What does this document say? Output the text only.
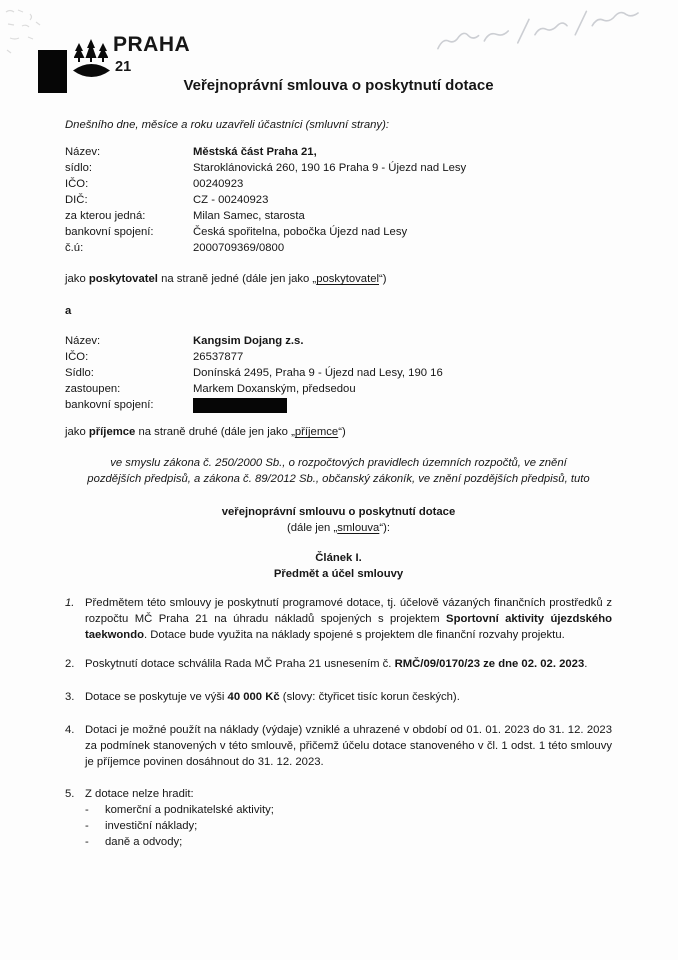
PRAHA
21
Veřejnoprávní smlouva o poskytnutí dotace
Dnešního dne, měsíce a roku uzavřeli účastníci (smluvní strany):
Název:	Městská část Praha 21,
sídlo:	Staroklánovická 260, 190 16 Praha 9 - Újezd nad Lesy
IČO:	00240923
DIČ:	CZ - 00240923
za kterou jedná:	Milan Samec, starosta
bankovní spojení:	Česká spořitelna, pobočka Újezd nad Lesy
č.ú:	2000709369/0800
jako poskytovatel na straně jedné (dále jen jako „poskytovatel“)
a
Název:	Kangsim Dojang z.s.
IČO:	26537877
Sídlo:	Donínská 2495, Praha 9 - Újezd nad Lesy, 190 16
zastoupen:	Markem Doxanským, předsedou
bankovní spojení:
jako příjemce na straně druhé (dále jen jako „příjemce“)
ve smyslu zákona č. 250/2000 Sb., o rozpočtových pravidlech územních rozpočtů, ve znění pozdějších předpisů, a zákona č. 89/2012 Sb., občanský zákoník, ve znění pozdějších předpisů, tuto
veřejnoprávní smlouvu o poskytnutí dotace
(dále jen „smlouva“):
Článek I.
Předmět a účel smlouvy
1. Předmětem této smlouvy je poskytnutí programové dotace, tj. účelově vázaných finančních prostředků z rozpočtu MČ Praha 21 na úhradu nákladů spojených s projektem Sportovní aktivity újezdského taekwondo. Dotace bude využita na náklady spojené s projektem dle finanční rozvahy projektu.
2. Poskytnutí dotace schválila Rada MČ Praha 21 usnesením č. RMČ/09/0170/23 ze dne 02. 02. 2023.
3. Dotace se poskytuje ve výši 40 000 Kč (slovy: čtyřicet tisíc korun českých).
4. Dotaci je možné použít na náklady (výdaje) vzniklé a uhrazené v období od 01. 01. 2023 do 31. 12. 2023 za podmínek stanovených v této smlouvě, přičemž účelu dotace stanoveného v čl. 1 odst. 1 této smlouvy je příjemce povinen dosáhnout do 31. 12. 2023.
5. Z dotace nelze hradit:
-	komerční a podnikatelské aktivity;
-	investiční náklady;
-	daně a odvody;
